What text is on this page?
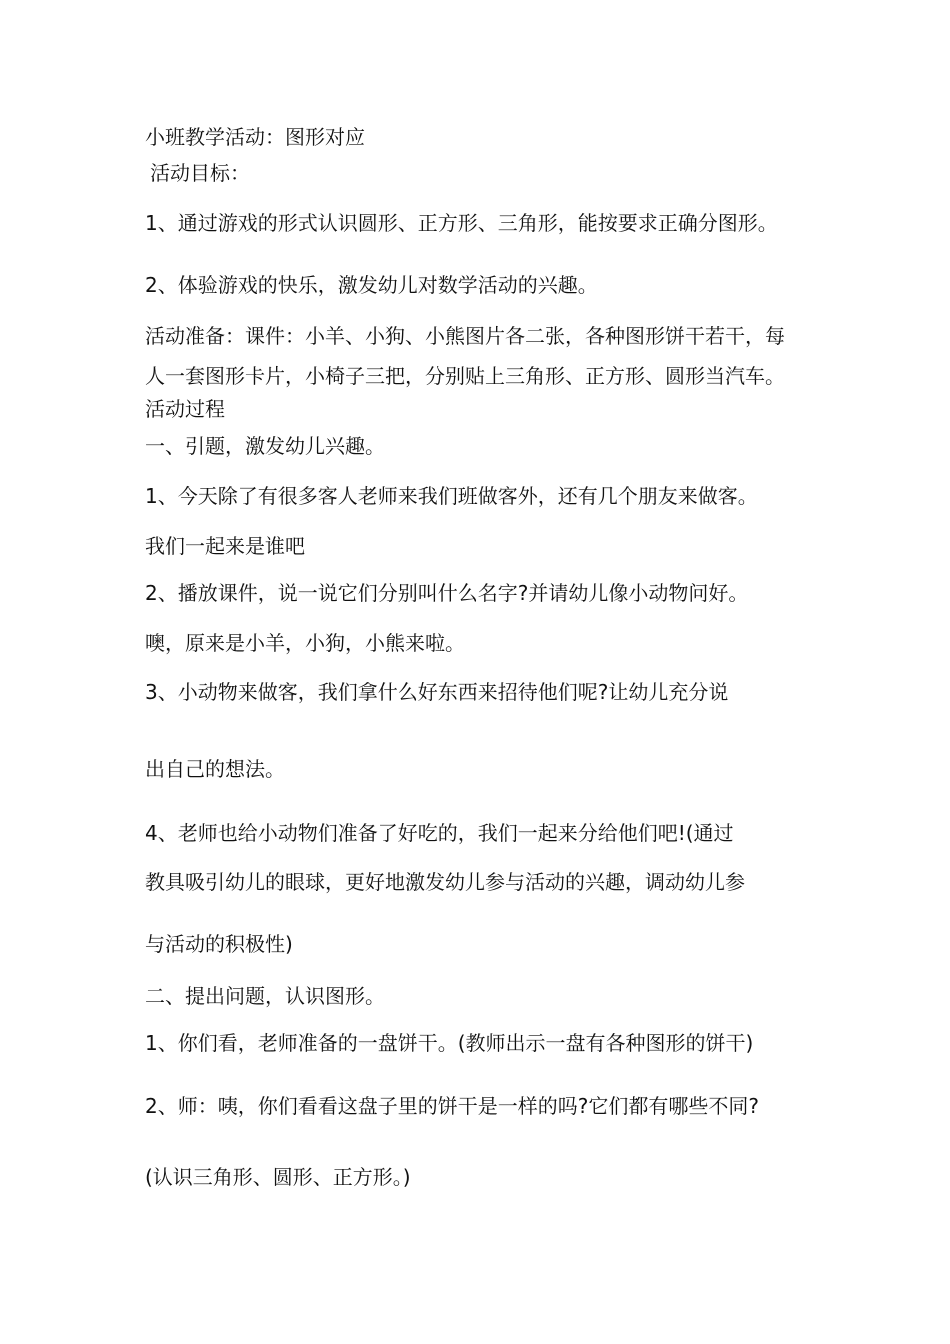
小班教学活动：图形对应

活动目标：

1、通过游戏的形式认识圆形、正方形、三角形，能按要求正确分图形。

2、体验游戏的快乐，激发幼儿对数学活动的兴趣。

活动准备：课件：小羊、小狗、小熊图片各二张，各种图形饼干若干，每

人一套图形卡片，小椅子三把，分别贴上三角形、正方形、圆形当汽车。

活动过程

一、引题，激发幼儿兴趣。

1、今天除了有很多客人老师来我们班做客外，还有几个朋友来做客。

我们一起来是谁吧

2、播放课件，说一说它们分别叫什么名字?并请幼儿像小动物问好。

噢，原来是小羊，小狗，小熊来啦。

3、小动物来做客，我们拿什么好东西来招待他们呢?让幼儿充分说

出自己的想法。

4、老师也给小动物们准备了好吃的，我们一起来分给他们吧!(通过

教具吸引幼儿的眼球，更好地激发幼儿参与活动的兴趣，调动幼儿参

与活动的积极性)

二、提出问题，认识图形。

1、你们看，老师准备的一盘饼干。(教师出示一盘有各种图形的饼干)

2、师：咦，你们看看这盘子里的饼干是一样的吗?它们都有哪些不同?

(认识三角形、圆形、正方形。)
